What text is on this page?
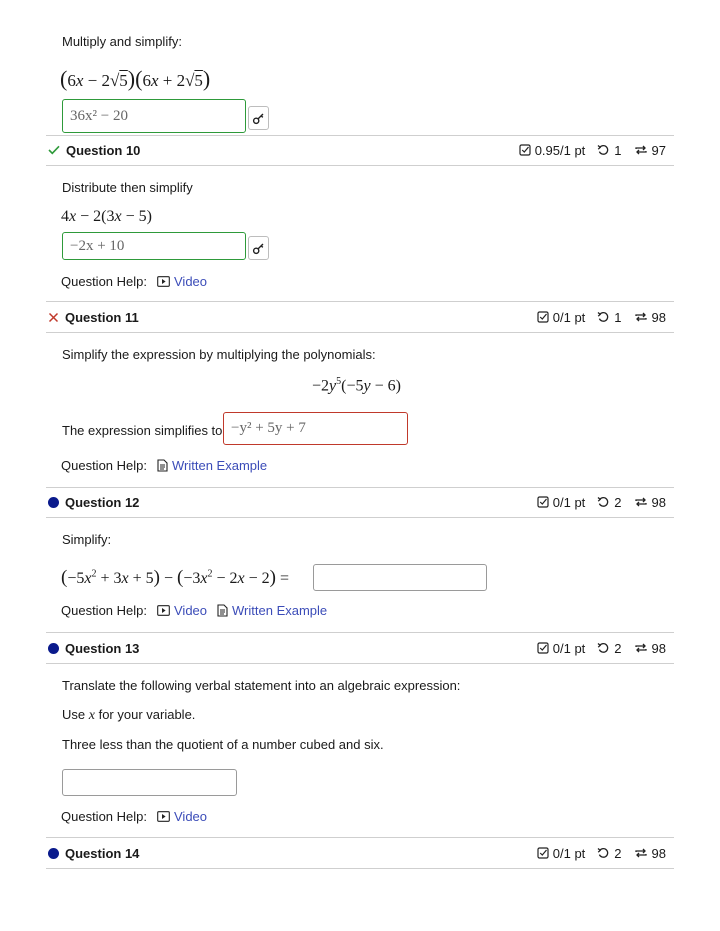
Multiply and simplify:
(6x − 2√5)(6x + 2√5)
36x² − 20
Question 10	0.95/1 pt 1 97
Distribute then simplify
4x − 2(3x − 5)
−2x + 10
Question Help: Video
Question 11	0/1 pt 1 98
Simplify the expression by multiplying the polynomials:
$-2y^5(-5y - 6)$
The expression simplifies to −y² + 5y + 7
Question Help: Written Example
Question 12	0/1 pt 2 98
Simplify:
$(-5x^2 + 3x + 5) - (-3x^2 - 2x - 2)$ =
Question Help: Video Written Example
Question 13	0/1 pt 2 98
Translate the following verbal statement into an algebraic expression:
Use x for your variable.
Three less than the quotient of a number cubed and six.
Question Help: Video
Question 14	0/1 pt 2 98
